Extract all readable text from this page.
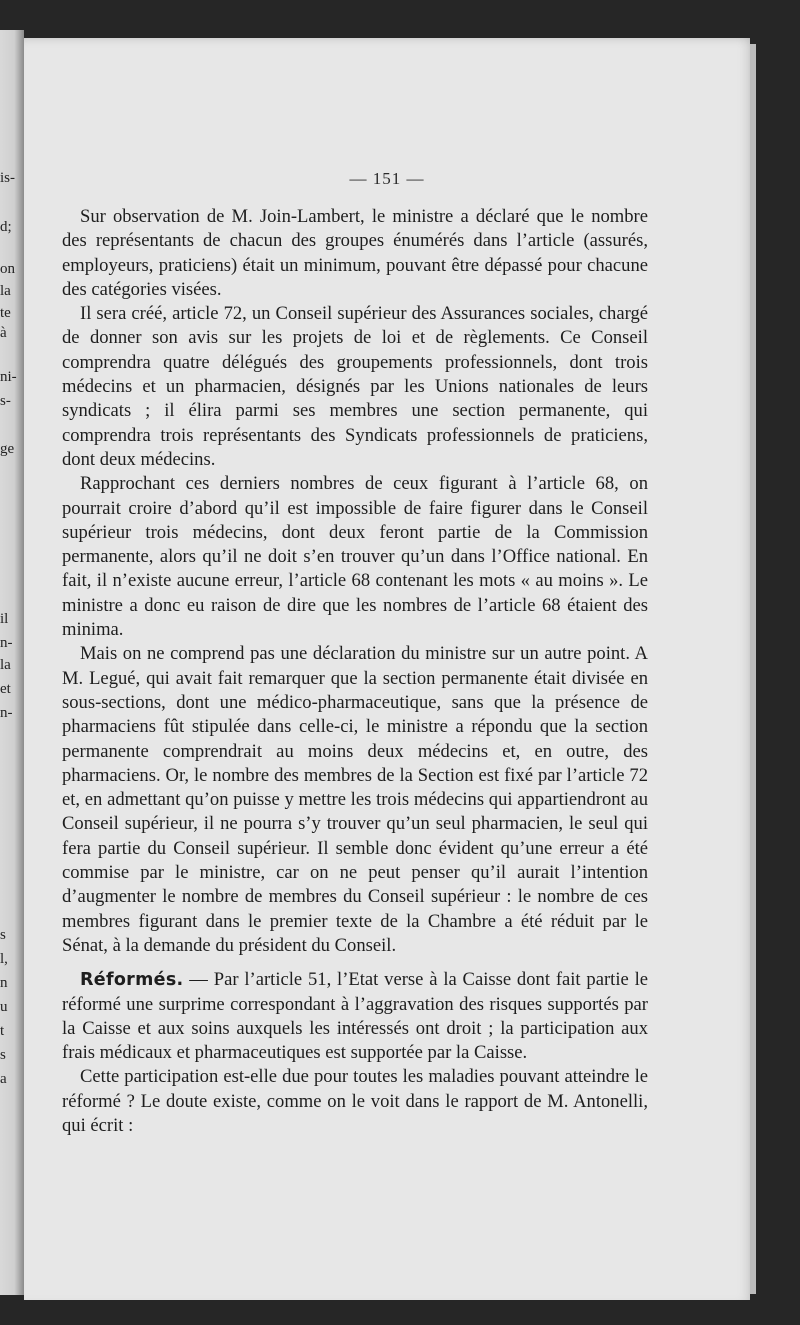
is-
d;
on
la
te
à
ni-
s-
ge
il
n-
la
et
n-
s
l,
n
u
t
s
a
— 151 —

Sur observation de M. Join-Lambert, le ministre a déclaré que le nombre des représentants de chacun des groupes énumérés dans l’article (assurés, employeurs, praticiens) était un minimum, pouvant être dépassé pour chacune des catégories visées.

Il sera créé, article 72, un Conseil supérieur des Assurances sociales, chargé de donner son avis sur les projets de loi et de règlements. Ce Conseil comprendra quatre délégués des groupements professionnels, dont trois médecins et un pharmacien, désignés par les Unions nationales de leurs syndicats ; il élira parmi ses membres une section permanente, qui comprendra trois représentants des Syndicats professionnels de praticiens, dont deux médecins.

Rapprochant ces derniers nombres de ceux figurant à l’article 68, on pourrait croire d’abord qu’il est impossible de faire figurer dans le Conseil supérieur trois médecins, dont deux feront partie de la Commission permanente, alors qu’il ne doit s’en trouver qu’un dans l’Office national. En fait, il n’existe aucune erreur, l’article 68 contenant les mots « au moins ». Le ministre a donc eu raison de dire que les nombres de l’article 68 étaient des minima.

Mais on ne comprend pas une déclaration du ministre sur un autre point. A M. Legué, qui avait fait remarquer que la section permanente était divisée en sous-sections, dont une médico-pharmaceutique, sans que la présence de pharmaciens fût stipulée dans celle-ci, le ministre a répondu que la section permanente comprendrait au moins deux médecins et, en outre, des pharmaciens. Or, le nombre des membres de la Section est fixé par l’article 72 et, en admettant qu’on puisse y mettre les trois médecins qui appartiendront au Conseil supérieur, il ne pourra s’y trouver qu’un seul pharmacien, le seul qui fera partie du Conseil supérieur. Il semble donc évident qu’une erreur a été commise par le ministre, car on ne peut penser qu’il aurait l’intention d’augmenter le nombre de membres du Conseil supérieur : le nombre de ces membres figurant dans le premier texte de la Chambre a été réduit par le Sénat, à la demande du président du Conseil.

Réformés. — Par l’article 51, l’Etat verse à la Caisse dont fait partie le réformé une surprime correspondant à l’aggravation des risques supportés par la Caisse et aux soins auxquels les intéressés ont droit ; la participation aux frais médicaux et pharmaceutiques est supportée par la Caisse.

Cette participation est-elle due pour toutes les maladies pouvant atteindre le réformé ? Le doute existe, comme on le voit dans le rapport de M. Antonelli, qui écrit :
